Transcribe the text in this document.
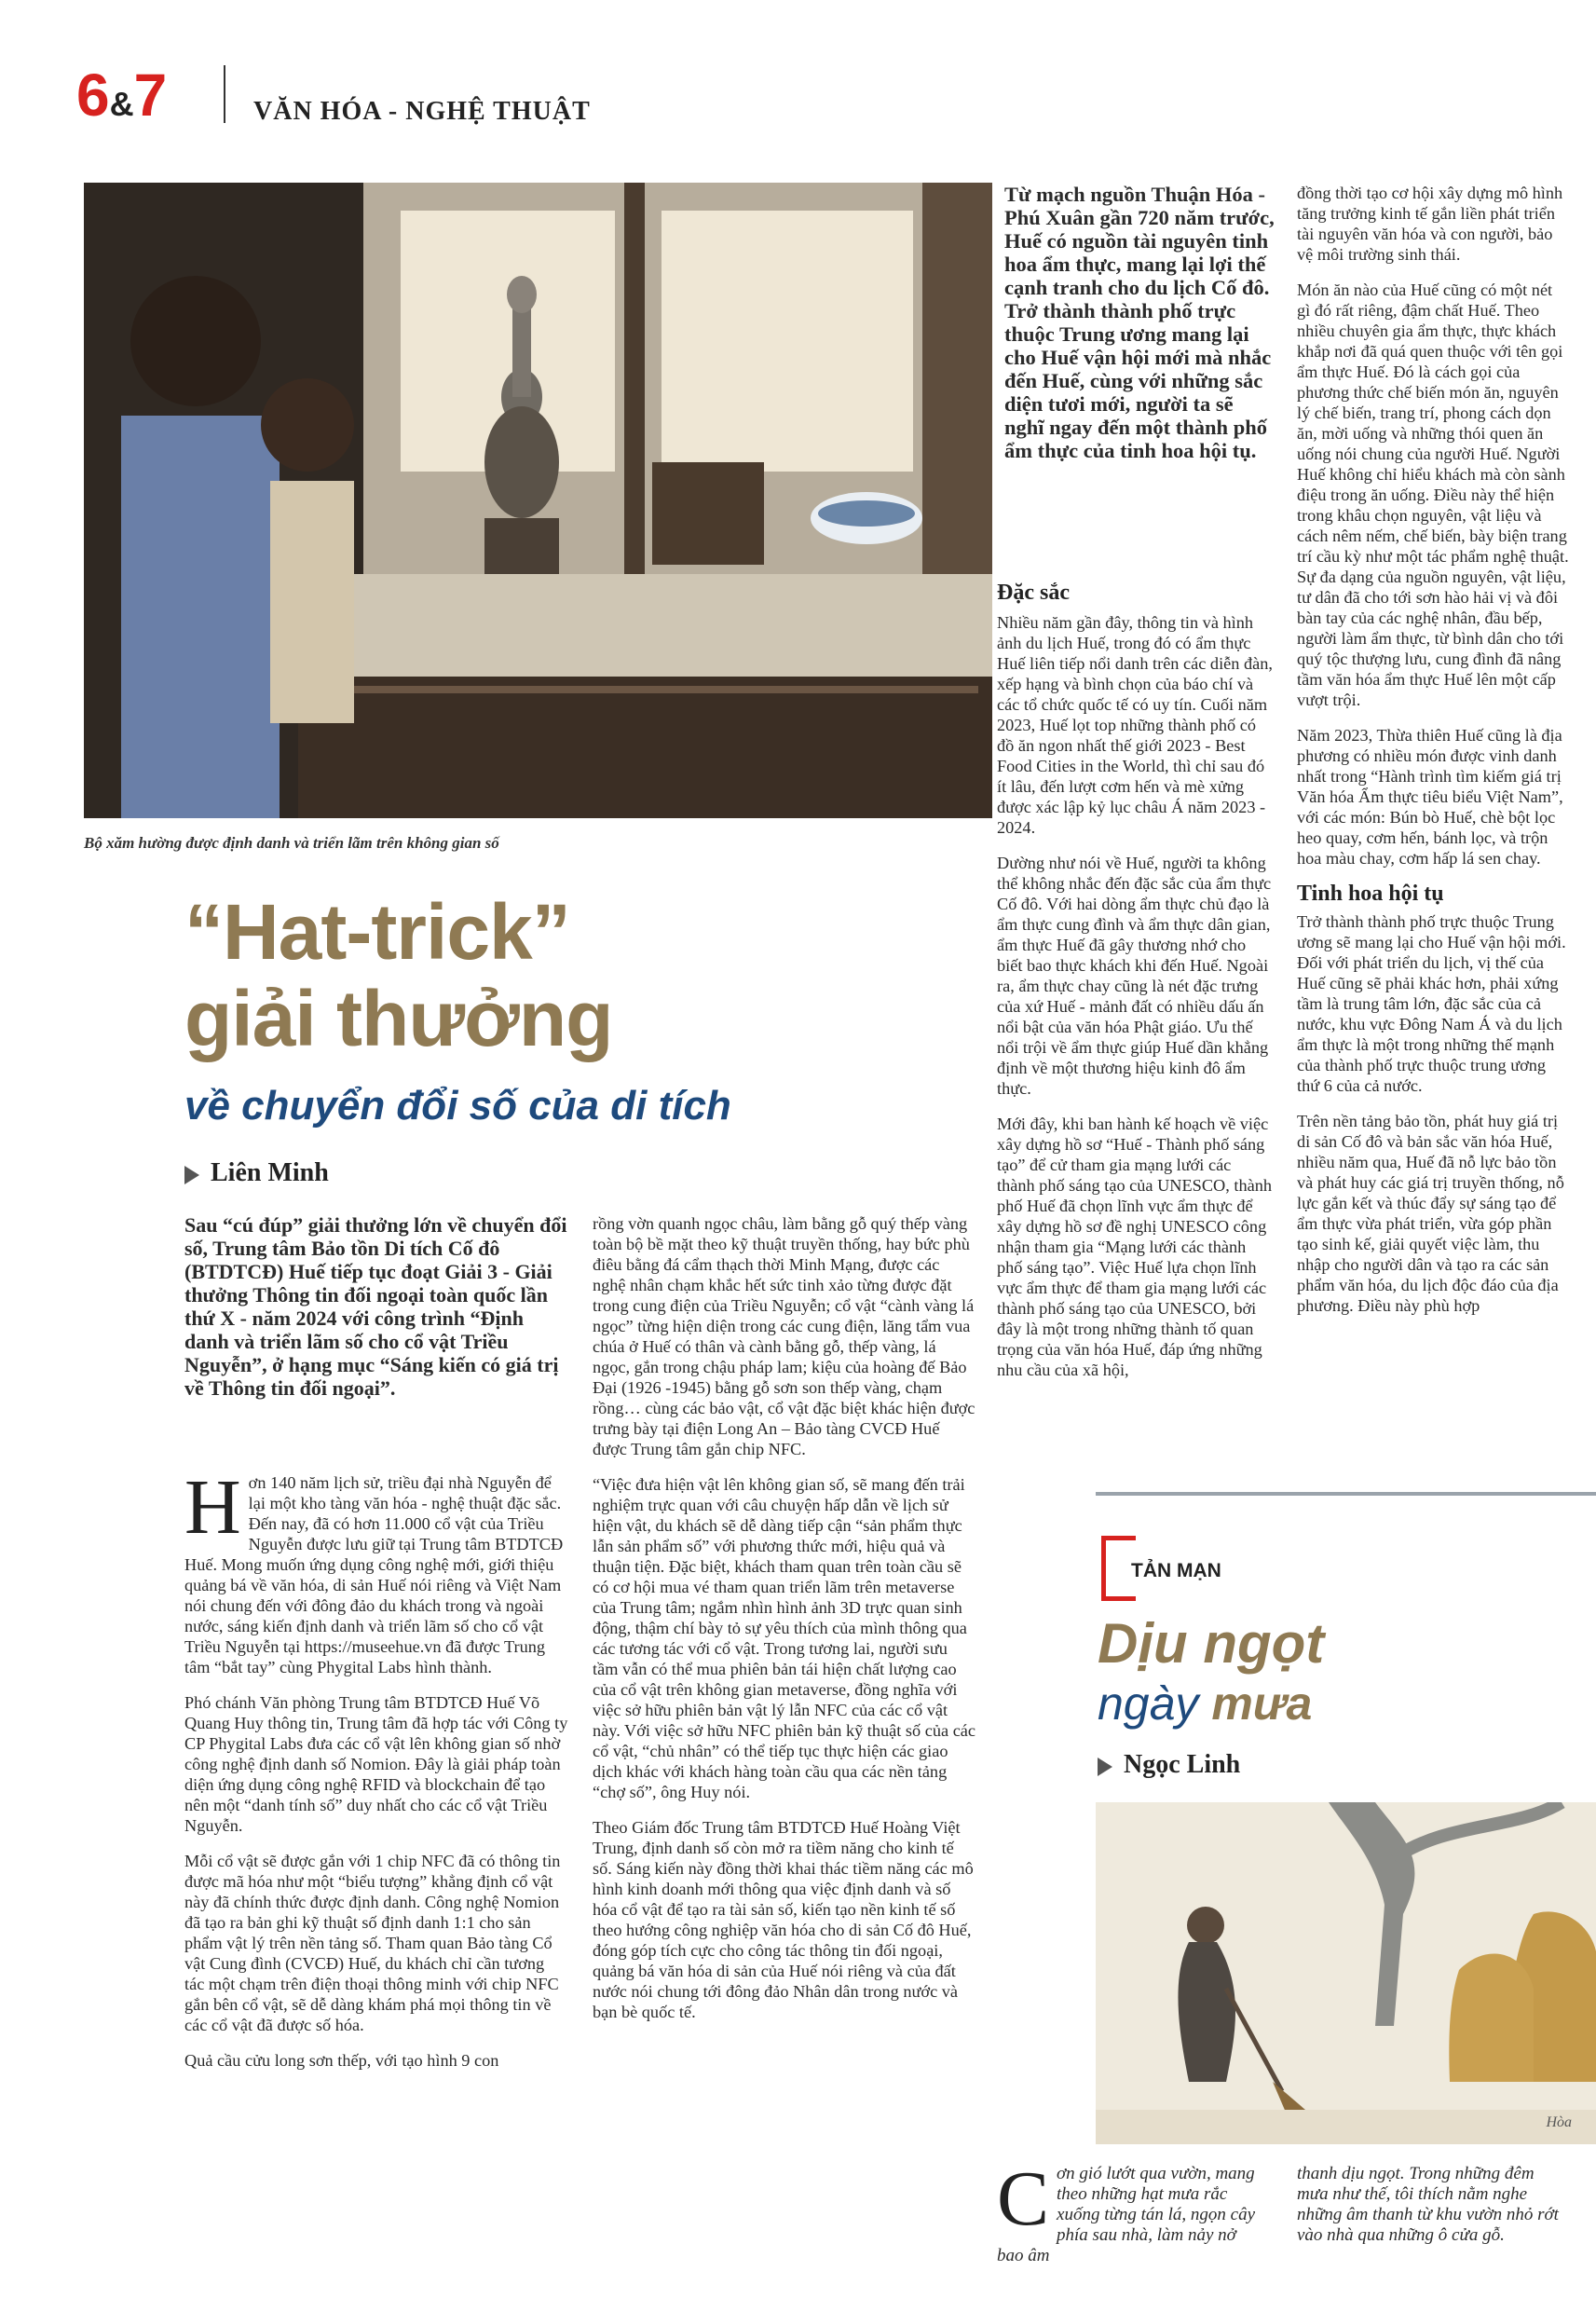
6&7	VĂN HÓA - NGHỆ THUẬT
Bộ xăm hường được định danh và triển lãm trên không gian số
“Hat-trick”
giải thưởng
về chuyển đổi số của di tích
Liên Minh
Sau “cú đúp” giải thưởng lớn về chuyển đổi số, Trung tâm Bảo tồn Di tích Cố đô (BTDTCĐ) Huế tiếp tục đoạt Giải 3 - Giải thưởng Thông tin đối ngoại toàn quốc lần thứ X - năm 2024 với công trình “Định danh và triển lãm số cho cổ vật Triều Nguyễn”, ở hạng mục “Sáng kiến có giá trị về Thông tin đối ngoại”.

Hơn 140 năm lịch sử, triều đại nhà Nguyễn để lại một kho tàng văn hóa - nghệ thuật đặc sắc. Đến nay, đã có hơn 11.000 cổ vật của Triều Nguyễn được lưu giữ tại Trung tâm BTDTCĐ Huế. Mong muốn ứng dụng công nghệ mới, giới thiệu quảng bá về văn hóa, di sản Huế nói riêng và Việt Nam nói chung đến với đông đảo du khách trong và ngoài nước, sáng kiến định danh và triển lãm số cho cổ vật Triều Nguyễn tại https://museehue.vn đã được Trung tâm “bắt tay” cùng Phygital Labs hình thành.

Phó chánh Văn phòng Trung tâm BTDTCĐ Huế Võ Quang Huy thông tin, Trung tâm đã hợp tác với Công ty CP Phygital Labs đưa các cổ vật lên không gian số nhờ công nghệ định danh số Nomion. Đây là giải pháp toàn diện ứng dụng công nghệ RFID và blockchain để tạo nên một “danh tính số” duy nhất cho các cổ vật Triều Nguyễn.

Mỗi cổ vật sẽ được gắn với 1 chip NFC đã có thông tin được mã hóa như một “biểu tượng” khẳng định cổ vật này đã chính thức được định danh. Công nghệ Nomion đã tạo ra bản ghi kỹ thuật số định danh 1:1 cho sản phẩm vật lý trên nền tảng số. Tham quan Bảo tàng Cổ vật Cung đình (CVCĐ) Huế, du khách chỉ cần tương tác một chạm trên điện thoại thông minh với chip NFC gắn bên cổ vật, sẽ dễ dàng khám phá mọi thông tin về các cổ vật đã được số hóa.

Quả cầu cửu long sơn thếp, với tạo hình 9 con

rồng vờn quanh ngọc châu, làm bằng gỗ quý thếp vàng toàn bộ bề mặt theo kỹ thuật truyền thống, hay bức phù điêu bằng đá cẩm thạch thời Minh Mạng, được các nghệ nhân chạm khắc hết sức tinh xảo từng được đặt trong cung điện của Triều Nguyễn; cổ vật “cành vàng lá ngọc” từng hiện diện trong các cung điện, lăng tẩm vua chúa ở Huế có thân và cành bằng gỗ, thếp vàng, lá ngọc, gắn trong chậu pháp lam; kiệu của hoàng đế Bảo Đại (1926 -1945) bằng gỗ sơn son thếp vàng, chạm rồng… cùng các bảo vật, cổ vật đặc biệt khác hiện được trưng bày tại điện Long An – Bảo tàng CVCĐ Huế được Trung tâm gắn chip NFC.

“Việc đưa hiện vật lên không gian số, sẽ mang đến trải nghiệm trực quan với câu chuyện hấp dẫn về lịch sử hiện vật, du khách sẽ dễ dàng tiếp cận “sản phẩm thực lẫn sản phẩm số” với phương thức mới, hiệu quả và thuận tiện. Đặc biệt, khách tham quan trên toàn cầu sẽ có cơ hội mua vé tham quan triển lãm trên metaverse của Trung tâm; ngắm nhìn hình ảnh 3D trực quan sinh động, thậm chí bày tỏ sự yêu thích của mình thông qua các tương tác với cổ vật. Trong tương lai, người sưu tầm vẫn có thể mua phiên bản tái hiện chất lượng cao của cổ vật trên không gian metaverse, đồng nghĩa với việc sở hữu phiên bản vật lý lẫn NFC của các cổ vật này. Với việc sở hữu NFC phiên bản kỹ thuật số của các cổ vật, “chủ nhân” có thể tiếp tục thực hiện các giao dịch khác với khách hàng toàn cầu qua các nền tảng “chợ số”, ông Huy nói.

Theo Giám đốc Trung tâm BTDTCĐ Huế Hoàng Việt Trung, định danh số còn mở ra tiềm năng cho kinh tế số. Sáng kiến này đồng thời khai thác tiềm năng các mô hình kinh doanh mới thông qua việc định danh và số hóa cổ vật để tạo ra tài sản số, kiến tạo nền kinh tế số theo hướng công nghiệp văn hóa cho di sản Cố đô Huế, đóng góp tích cực cho công tác thông tin đối ngoại, quảng bá văn hóa di sản của Huế nói riêng và của đất nước nói chung tới đông đảo Nhân dân trong nước và bạn bè quốc tế.

Từ mạch nguồn Thuận Hóa - Phú Xuân gần 720 năm trước, Huế có nguồn tài nguyên tinh hoa ẩm thực, mang lại lợi thế cạnh tranh cho du lịch Cố đô. Trở thành thành phố trực thuộc Trung ương mang lại cho Huế vận hội mới mà nhắc đến Huế, cùng với những sắc diện tươi mới, người ta sẽ nghĩ ngay đến một thành phố ẩm thực của tinh hoa hội tụ.
Đặc sắc

Nhiều năm gần đây, thông tin và hình ảnh du lịch Huế, trong đó có ẩm thực Huế liên tiếp nổi danh trên các diễn đàn, xếp hạng và bình chọn của báo chí và các tổ chức quốc tế có uy tín. Cuối năm 2023, Huế lọt top những thành phố có đồ ăn ngon nhất thế giới 2023 - Best Food Cities in the World, thì chỉ sau đó ít lâu, đến lượt cơm hến và mè xửng được xác lập kỷ lục châu Á năm 2023 - 2024.

Dường như nói về Huế, người ta không thể không nhắc đến đặc sắc của ẩm thực Cố đô. Với hai dòng ẩm thực chủ đạo là ẩm thực cung đình và ẩm thực dân gian, ẩm thực Huế đã gây thương nhớ cho biết bao thực khách khi đến Huế. Ngoài ra, ẩm thực chay cũng là nét đặc trưng của xứ Huế - mảnh đất có nhiều dấu ấn nổi bật của văn hóa Phật giáo. Ưu thế nổi trội về ẩm thực giúp Huế dần khẳng định về một thương hiệu kinh đô ẩm thực.

Mới đây, khi ban hành kế hoạch về việc xây dựng hồ sơ “Huế - Thành phố sáng tạo” để cử tham gia mạng lưới các thành phố sáng tạo của UNESCO, thành phố Huế đã chọn lĩnh vực ẩm thực để xây dựng hồ sơ đề nghị UNESCO công nhận tham gia “Mạng lưới các thành phố sáng tạo”. Việc Huế lựa chọn lĩnh vực ẩm thực để tham gia mạng lưới các thành phố sáng tạo của UNESCO, bởi đây là một trong những thành tố quan trọng của văn hóa Huế, đáp ứng những nhu cầu của xã hội,

đồng thời tạo cơ hội xây dựng mô hình tăng trưởng kinh tế gắn liền phát triển tài nguyên văn hóa và con người, bảo vệ môi trường sinh thái.

Món ăn nào của Huế cũng có một nét gì đó rất riêng, đậm chất Huế. Theo nhiều chuyên gia ẩm thực, thực khách khắp nơi đã quá quen thuộc với tên gọi ẩm thực Huế. Đó là cách gọi của phương thức chế biến món ăn, nguyên lý chế biến, trang trí, phong cách dọn ăn, mời uống và những thói quen ăn uống nói chung của người Huế. Người Huế không chỉ hiểu khách mà còn sành điệu trong ăn uống. Điều này thể hiện trong khâu chọn nguyên, vật liệu và cách nêm nếm, chế biến, bày biện trang trí cầu kỳ như một tác phẩm nghệ thuật. Sự đa dạng của nguồn nguyên, vật liệu, tư dân đã cho tới sơn hào hải vị và đôi bàn tay của các nghệ nhân, đầu bếp, người làm ẩm thực, từ bình dân cho tới quý tộc thượng lưu, cung đình đã nâng tầm văn hóa ẩm thực Huế lên một cấp vượt trội.

Năm 2023, Thừa thiên Huế cũng là địa phương có nhiều món được vinh danh nhất trong “Hành trình tìm kiếm giá trị Văn hóa Ẩm thực tiêu biểu Việt Nam”, với các món: Bún bò Huế, chè bột lọc heo quay, cơm hến, bánh lọc, và trộn hoa màu chay, cơm hấp lá sen chay.

Tinh hoa hội tụ

Trở thành thành phố trực thuộc Trung ương sẽ mang lại cho Huế vận hội mới. Đối với phát triển du lịch, vị thế của Huế cũng sẽ phải khác hơn, phải xứng tầm là trung tâm lớn, đặc sắc của cả nước, khu vực Đông Nam Á và du lịch ẩm thực là một trong những thế mạnh của thành phố trực thuộc trung ương thứ 6 của cả nước.

Trên nền tảng bảo tồn, phát huy giá trị di sản Cố đô và bản sắc văn hóa Huế, nhiều năm qua, Huế đã nỗ lực bảo tồn và phát huy các giá trị truyền thống, nỗ lực gắn kết và thúc đẩy sự sáng tạo để ẩm thực vừa phát triển, vừa góp phần tạo sinh kế, giải quyết việc làm, thu nhập cho người dân và tạo ra các sản phẩm văn hóa, du lịch độc đáo của địa phương. Điều này phù hợp

TẢN MẠN
Dịu ngọt
ngày mưa
Ngọc Linh
Hòa
Cơn gió lướt qua vườn, mang theo những hạt mưa rắc xuống từng tán lá, ngọn cây phía sau nhà, làm nảy nở bao âm
thanh dịu ngọt. Trong những đêm mưa như thế, tôi thích nằm nghe những âm thanh từ khu vườn nhỏ rớt vào nhà qua những ô cửa gỗ.
